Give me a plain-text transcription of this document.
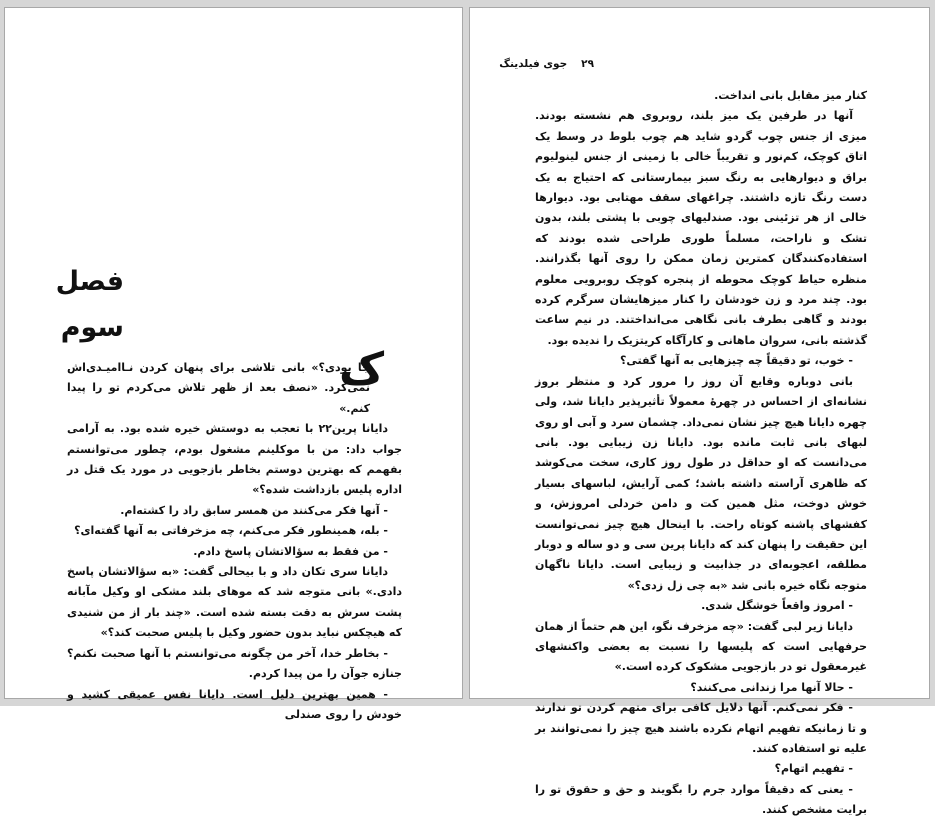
فصل
سوم
ک

جا بودی؟» بانی تلاشی برای پنهان کردن نـاامیـدی‌اش نمی‌کرد. «نصف بعد از ظهر تلاش می‌کردم تو را پیدا کنم.»

دایانا پرین۲۲ با تعجب به دوستش خیره شده بود. به آرامی جواب داد: من با موکلینم مشغول بودم، چطور می‌توانستم بفهمم که بهترین دوستم بخاطر بازجویی در مورد یک قتل در اداره پلیس بازداشت شده؟»

- آنها فکر می‌کنند من همسر سابق راد را کشته‌ام.

- بله، همینطور فکر می‌کنم، چه مزخرفاتی به آنها گفته‌ای؟

- من فقط به سؤالاتشان پاسخ دادم.

دایانا سری تکان داد و با بیحالی گفت: «به سؤالاتشان پاسخ دادی.» بانی متوجه شد که موهای بلند مشکی او وکیل مآبانه پشت سرش به دقت بسته شده است. «چند بار از من شنیدی که هیچکس نباید بدون حضور وکیل با پلیس صحبت کند؟»

- بخاطر خدا، آخر من چگونه می‌توانستم با آنها صحبت نکنم؟ جنازه جوآن را من پیدا کردم.

- همین بهترین دلیل است. دایانا نفس عمیقی کشید و خودش را روی صندلی

۲۹جوی فیلدینگ

کنار میز مقابل بانی انداخت.

آنها در طرفین یک میز بلند، روبروی هم نشسته بودند. میزی از جنس چوب گردو شاید هم چوب بلوط در وسط یک اتاق کوچک، کم‌نور و تقریباً خالی با زمینی از جنس لینولیوم براق و دیوارهایی به رنگ سبز بیمارستانی که احتیاج به یک دست رنگ تازه داشتند. چراغهای سقف مهتابی بود. دیوارها خالی از هر تزئینی بود. صندلیهای چوبی با پشتی بلند، بدون تشک و ناراحت، مسلماً طوری طراحی شده بودند که استفاده‌کنندگان کمترین زمان ممکن را روی آنها بگذرانند. منظره حیاط کوچک محوطه از پنجره کوچک روبرویی معلوم بود. چند مرد و زن خودشان را کنار میزهایشان سرگرم کرده بودند و گاهی بطرف بانی نگاهی می‌انداختند. در نیم ساعت گذشته بانی، سروان ماهانی و کارآگاه کریتزیک را ندیده بود.

- خوب، تو دقیقاً چه چیزهایی به آنها گفتی؟

بانی دوباره وقایع آن روز را مرور کرد و منتظر بروز نشانه‌ای از احساس در چهرهٔ معمولاً تأثیرپذیر دایانا شد، ولی چهره دایانا هیچ چیز نشان نمی‌داد. چشمان سرد و آبی او روی لبهای بانی ثابت مانده بود. دایانا زن زیبایی بود. بانی می‌دانست که او حداقل در طول روز کاری، سخت می‌کوشد که ظاهری آراسته داشته باشد؛ کمی آرایش، لباسهای بسیار خوش دوخت، مثل همین کت و دامن خردلی امروزش، و کفشهای پاشنه کوتاه راحت. با اینحال هیچ چیز نمی‌توانست این حقیقت را پنهان کند که دایانا پرین سی و دو ساله و دوبار مطلقه، اعجوبه‌ای در جذابیت و زیبایی است. دایانا ناگهان متوجه نگاه خیره بانی شد «به چی زل زدی؟»

- امروز واقعاً خوشگل شدی.

دایانا زیر لبی گفت: «چه مزخرف نگو، این هم حتماً از همان حرفهایی است که پلیسها را نسبت به بعضی واکنشهای غیرمعقول تو در بازجویی مشکوک کرده است.»

- حالا آنها مرا زندانی می‌کنند؟

- فکر نمی‌کنم. آنها دلایل کافی برای متهم کردن تو ندارند و تا زمانیکه تفهیم اتهام نکرده باشند هیچ چیز را نمی‌توانند بر علیه تو استفاده کنند.

- تفهیم اتهام؟

- یعنی که دقیقاً موارد جرم را بگویند و حق و حقوق تو را برایت مشخص کنند.
